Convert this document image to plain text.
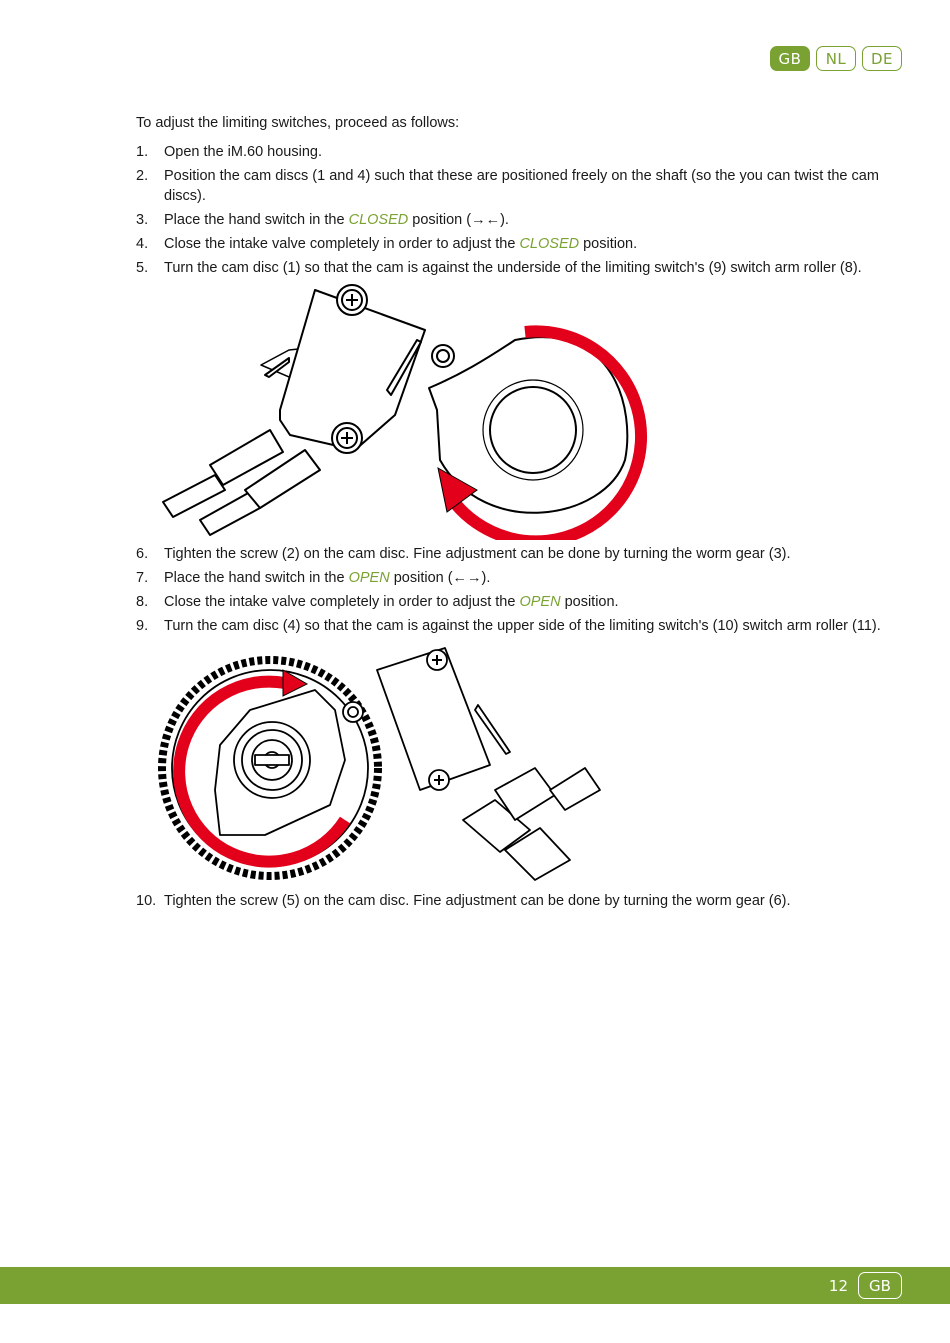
GB	NL	DE

To adjust the limiting switches, proceed as follows:

1.	Open the iM.60 housing.
2.	Position the cam discs (1 and 4) such that these are positioned freely on the shaft (so the you can twist the cam discs).
3.	Place the hand switch in the CLOSED position (→←).
4.	Close the intake valve completely in order to adjust the CLOSED position.
5.	Turn the cam disc (1) so that the cam is against the underside of the limiting switch's (9) switch arm roller (8).
6.	Tighten the screw (2) on the cam disc. Fine adjustment can be done by turning the worm gear (3).
7.	Place the hand switch in the OPEN position (←→).
8.	Close the intake valve completely in order to adjust the OPEN position.
9.	Turn the cam disc (4) so that the cam is against the upper side of the limiting switch's (10) switch arm roller (11).
10. Tighten the screw (5) on the cam disc. Fine adjustment can be done by turning the worm gear (6).
12	GB
